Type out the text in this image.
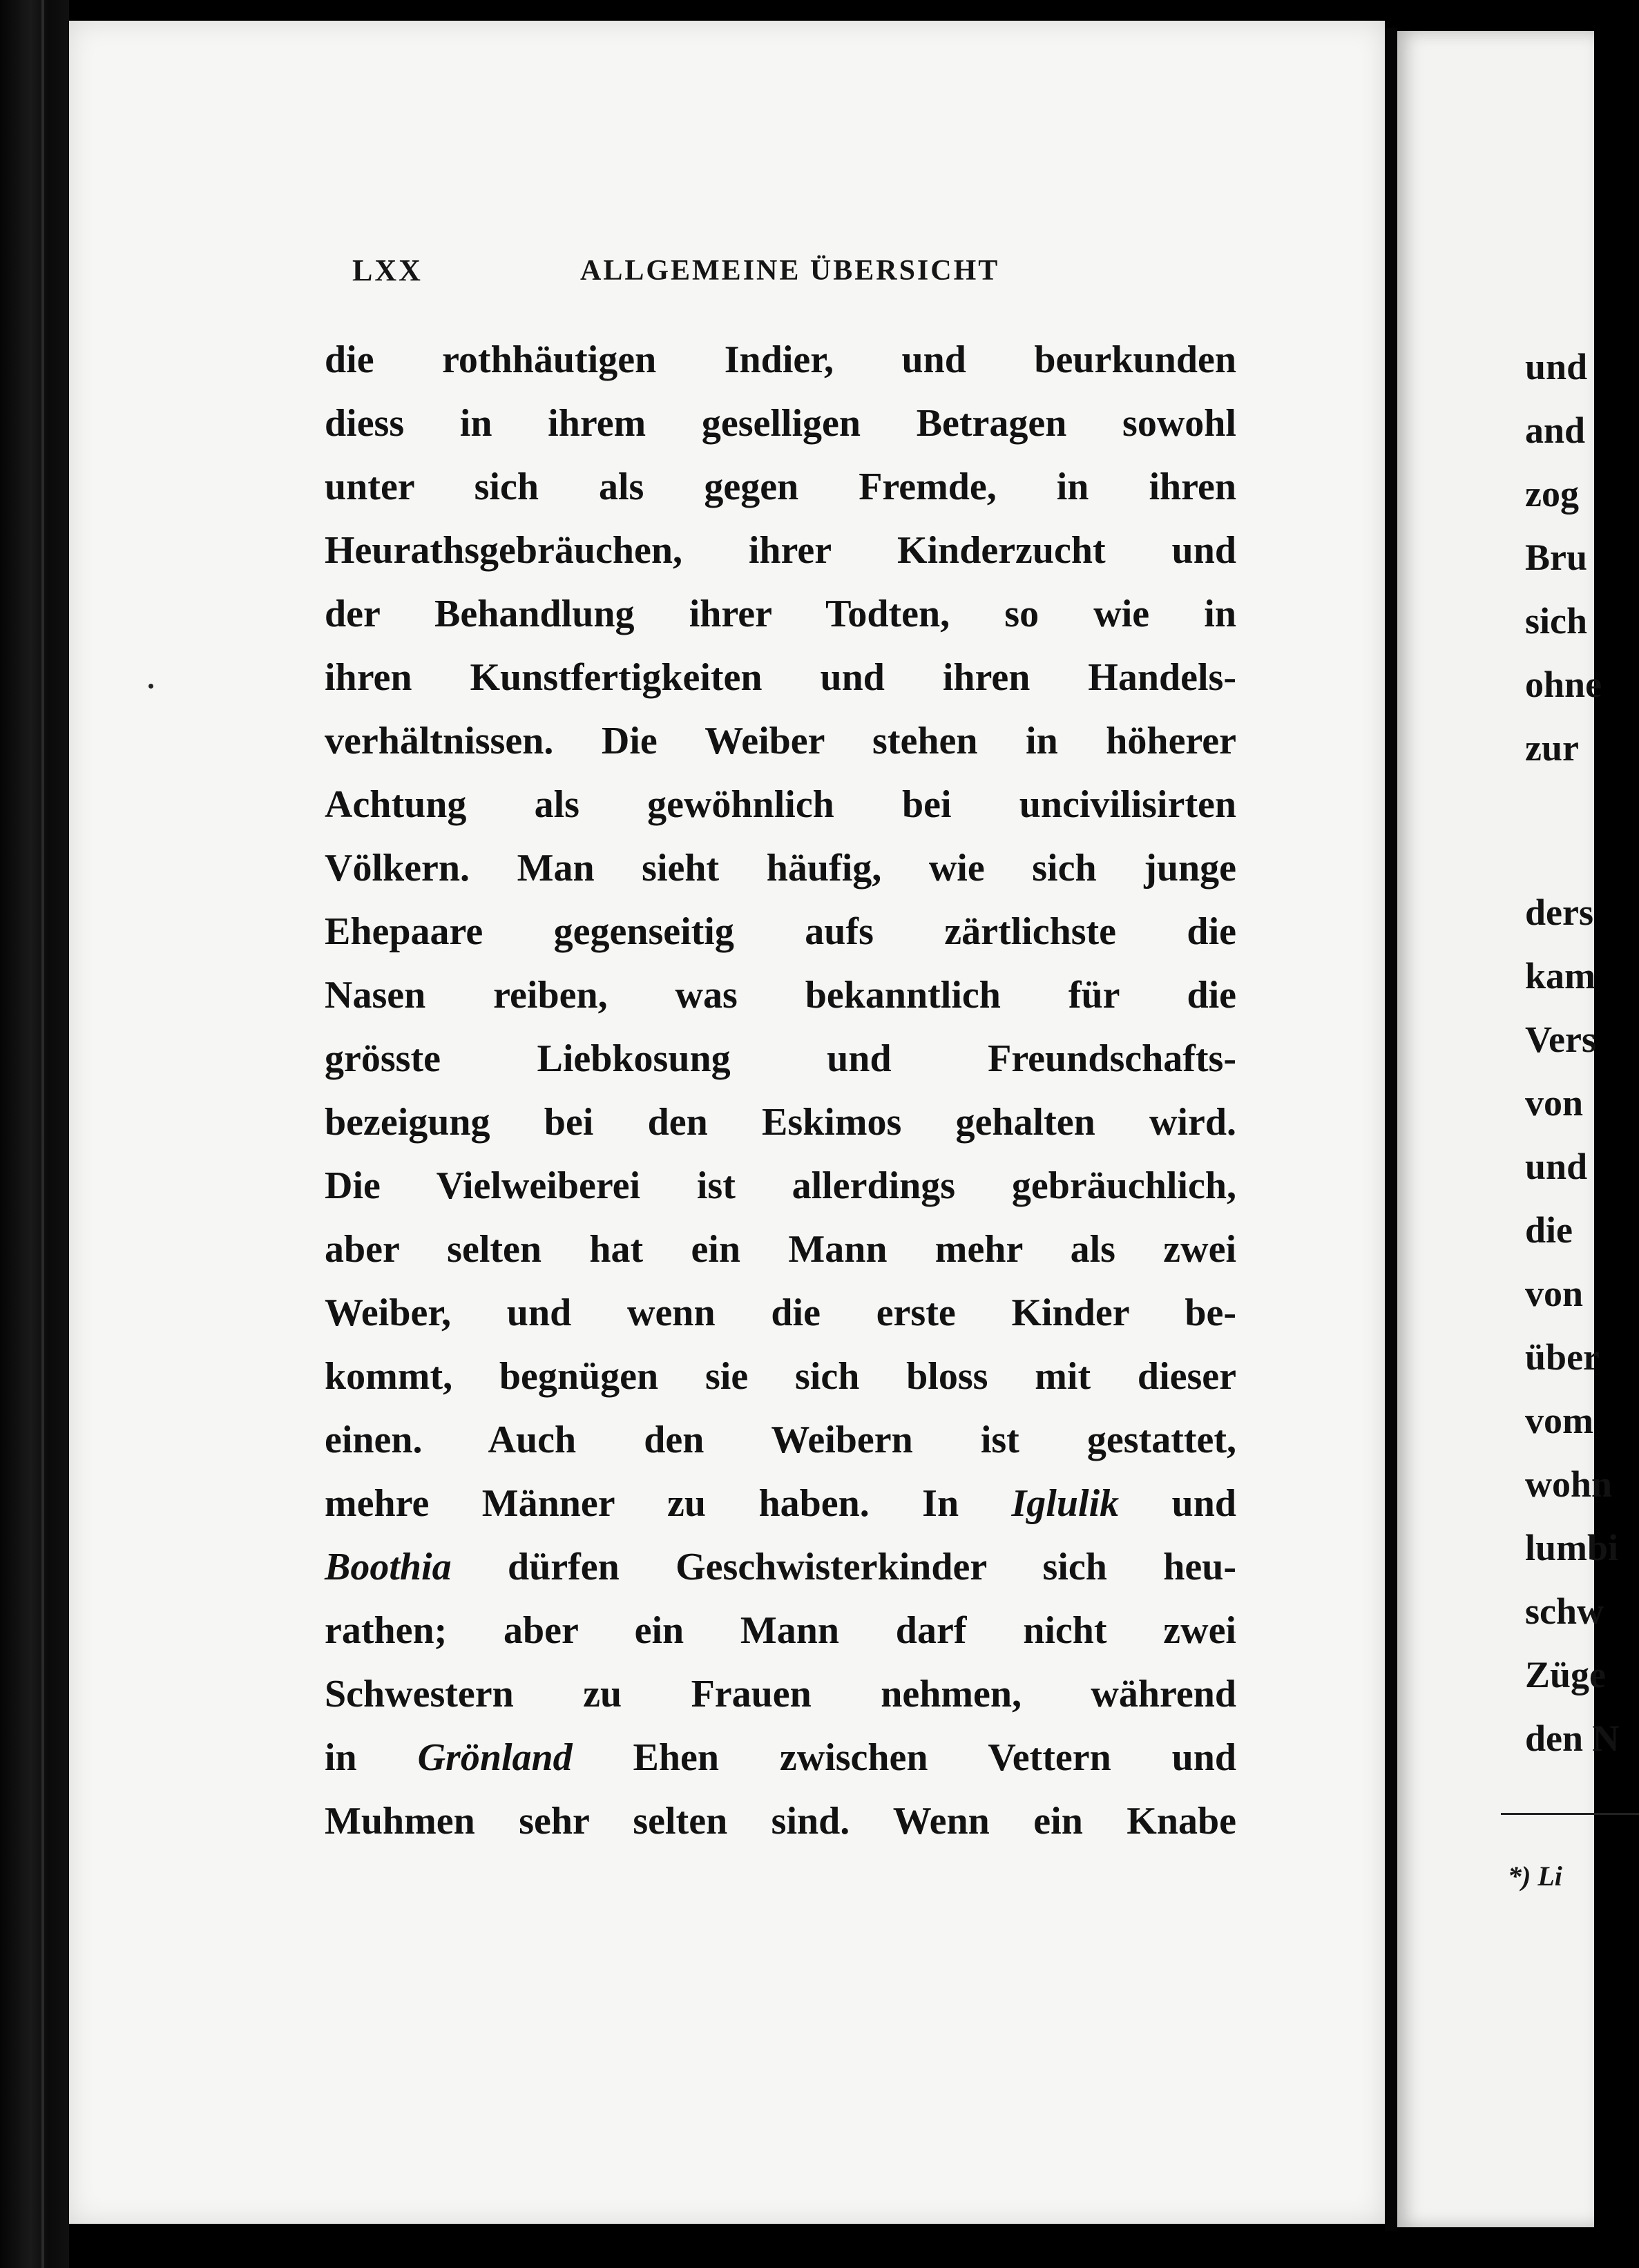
LXX	ALLGEMEINE ÜBERSICHT
die rothhäutigen Indier, und beurkunden
diess in ihrem geselligen Betragen sowohl
unter sich als gegen Fremde, in ihren
Heurathsgebräuchen, ihrer Kinderzucht und
der Behandlung ihrer Todten, so wie in
ihren Kunstfertigkeiten und ihren Handels-
verhältnissen. Die Weiber stehen in höherer
Achtung als gewöhnlich bei uncivilisirten
Völkern. Man sieht häufig, wie sich junge
Ehepaare gegenseitig aufs zärtlichste die
Nasen reiben, was bekanntlich für die
grösste Liebkosung und Freundschafts-
bezeigung bei den Eskimos gehalten wird.
Die Vielweiberei ist allerdings gebräuchlich,
aber selten hat ein Mann mehr als zwei
Weiber, und wenn die erste Kinder be-
kommt, begnügen sie sich bloss mit dieser
einen. Auch den Weibern ist gestattet,
mehre Männer zu haben. In Iglulik und
Boothia dürfen Geschwisterkinder sich heu-
rathen; aber ein Mann darf nicht zwei
Schwestern zu Frauen nehmen, während
in Grönland Ehen zwischen Vettern und
Muhmen sehr selten sind. Wenn ein Knabe
und
and
zog
Bru
sich
ohne
zur
ders
kam
Vers
von
und
die
von
über
vom
wohn
lumbi
schw
Züge
den N
*) Li
